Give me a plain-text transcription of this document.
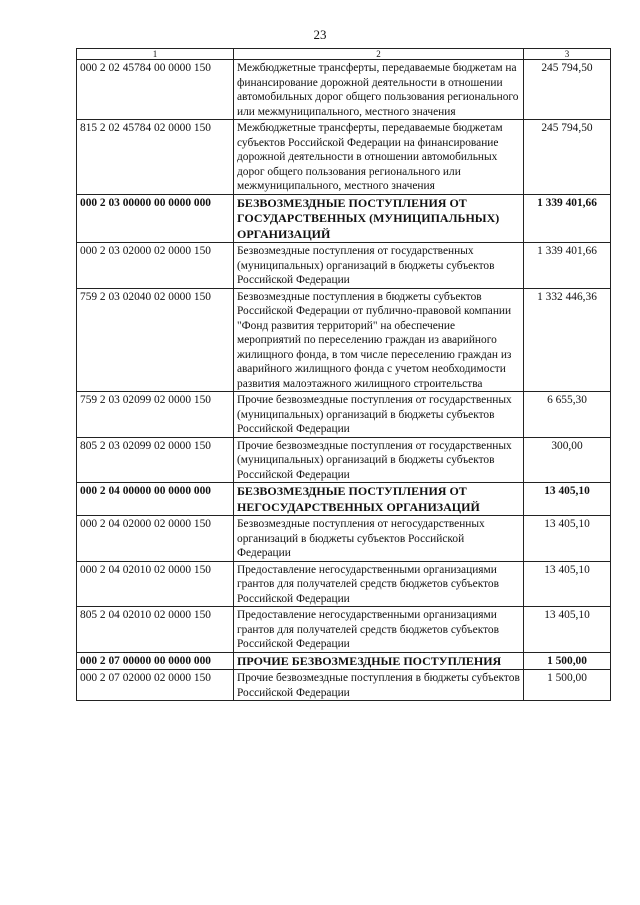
23
1	2	3
000 2 02 45784 00 0000 150	Межбюджетные трансферты, передаваемые бюджетам на финансирование дорожной деятельности в отношении автомобильных дорог общего пользования регионального или межмуниципального, местного значения	245 794,50
815 2 02 45784 02 0000 150	Межбюджетные трансферты, передаваемые бюджетам субъектов Российской Федерации на финансирование дорожной деятельности в отношении автомобильных дорог общего пользования регионального или межмуниципального, местного значения	245 794,50
000 2 03 00000 00 0000 000	БЕЗВОЗМЕЗДНЫЕ ПОСТУПЛЕНИЯ ОТ ГОСУДАРСТВЕННЫХ (МУНИЦИПАЛЬНЫХ) ОРГАНИЗАЦИЙ	1 339 401,66
000 2 03 02000 02 0000 150	Безвозмездные поступления от государственных (муниципальных) организаций в бюджеты субъектов Российской Федерации	1 339 401,66
759 2 03 02040 02 0000 150	Безвозмездные поступления в бюджеты субъектов Российской Федерации от публично-правовой компании "Фонд развития территорий" на обеспечение мероприятий по переселению граждан из аварийного жилищного фонда, в том числе переселению граждан из аварийного жилищного фонда с учетом необходимости развития малоэтажного жилищного строительства	1 332 446,36
759 2 03 02099 02 0000 150	Прочие безвозмездные поступления от государственных (муниципальных) организаций в бюджеты субъектов Российской Федерации	6 655,30
805 2 03 02099 02 0000 150	Прочие безвозмездные поступления от государственных (муниципальных) организаций в бюджеты субъектов Российской Федерации	300,00
000 2 04 00000 00 0000 000	БЕЗВОЗМЕЗДНЫЕ ПОСТУПЛЕНИЯ ОТ НЕГОСУДАРСТВЕННЫХ ОРГАНИЗАЦИЙ	13 405,10
000 2 04 02000 02 0000 150	Безвозмездные поступления от негосударственных организаций в бюджеты субъектов Российской Федерации	13 405,10
000 2 04 02010 02 0000 150	Предоставление негосударственными организациями грантов для получателей средств бюджетов субъектов Российской Федерации	13 405,10
805 2 04 02010 02 0000 150	Предоставление негосударственными организациями грантов для получателей средств бюджетов субъектов Российской Федерации	13 405,10
000 2 07 00000 00 0000 000	ПРОЧИЕ БЕЗВОЗМЕЗДНЫЕ ПОСТУПЛЕНИЯ	1 500,00
000 2 07 02000 02 0000 150	Прочие безвозмездные поступления в бюджеты субъектов Российской Федерации	1 500,00
